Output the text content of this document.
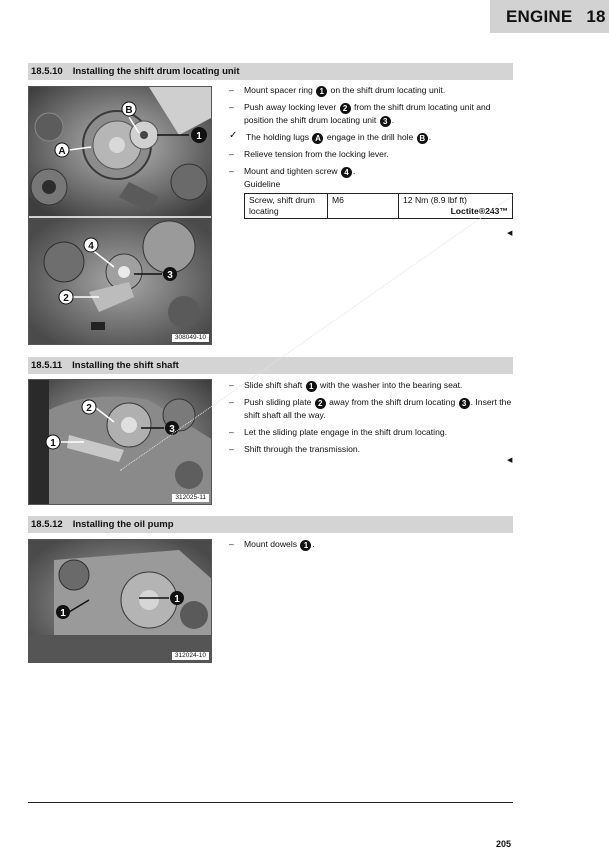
ENGINE 18
18.5.10 Installing the shift drum locating unit
B
A
1
4
3
2
308049-10
– Mount spacer ring 1 on the shift drum locating unit.
– Push away locking lever 2 from the shift drum locating unit and position the shift drum locating unit 3 .
✓ The holding lugs A engage in the drill hole B .
– Relieve tension from the locking lever.
– Mount and tighten screw 4 .
Guideline
Screw, shift drum locating	M6	12 Nm (8.9 lbf ft)
Loctite®243™
◀
18.5.11 Installing the shift shaft
2
1
3
312025-11
– Slide shift shaft 1 with the washer into the bearing seat.
– Push sliding plate 2 away from the shift drum locating 3 . Insert the shift shaft all the way.
– Let the sliding plate engage in the shift drum locating.
– Shift through the transmission.
◀
18.5.12 Installing the oil pump
1
1
312024-10
– Mount dowels 1 .
205
